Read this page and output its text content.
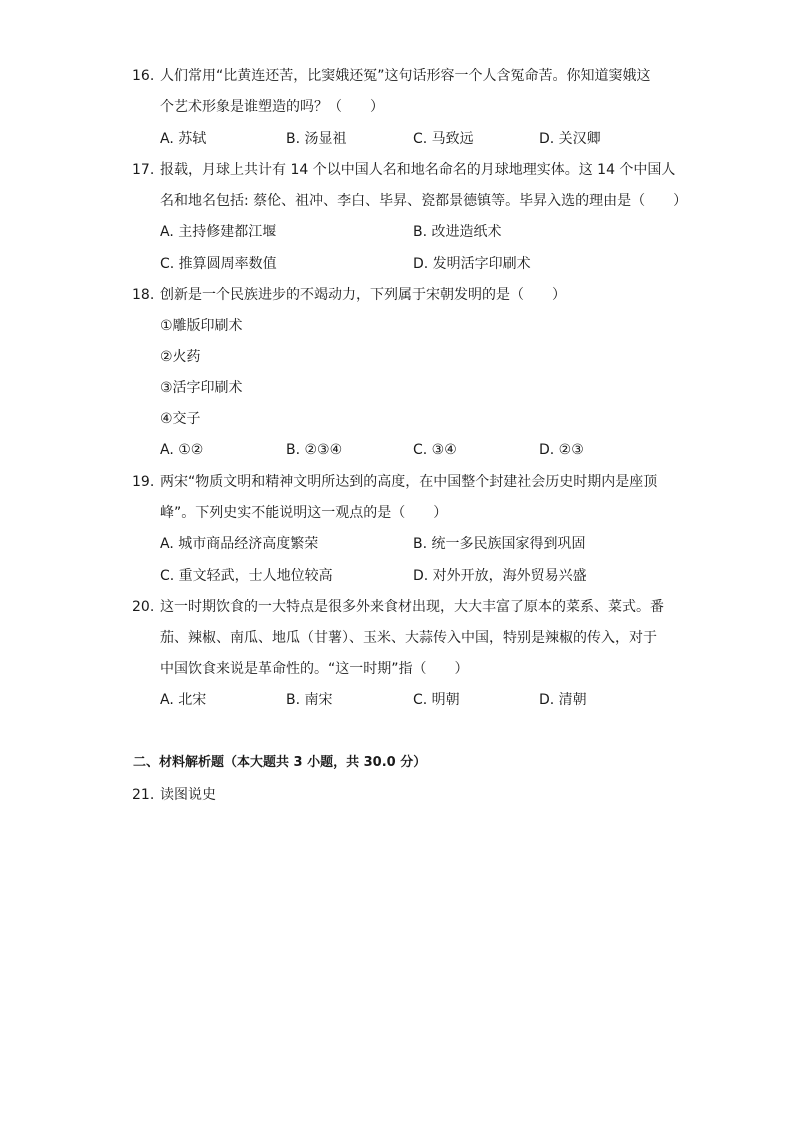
16. 人们常用“比黄连还苦，比窦娥还冤”这句话形容一个人含冤命苦。你知道窦娥这
个艺术形象是谁塑造的吗？（　　）
A. 苏轼	B. 汤显祖	C. 马致远	D. 关汉卿
17. 报载，月球上共计有 14 个以中国人名和地名命名的月球地理实体。这 14 个中国人
名和地名包括: 蔡伦、祖冲、李白、毕昇、瓷都景德镇等。毕昇入选的理由是（　　）
A. 主持修建都江堰	B. 改进造纸术
C. 推算圆周率数值	D. 发明活字印刷术
18. 创新是一个民族进步的不竭动力，下列属于宋朝发明的是（　　）
①雕版印刷术
②火药
③活字印刷术
④交子
A. ①②	B. ②③④	C. ③④	D. ②③
19. 两宋“物质文明和精神文明所达到的高度，在中国整个封建社会历史时期内是座顶
峰”。下列史实不能说明这一观点的是（　　）
A. 城市商品经济高度繁荣	B. 统一多民族国家得到巩固
C. 重文轻武，士人地位较高	D. 对外开放，海外贸易兴盛
20. 这一时期饮食的一大特点是很多外来食材出现，大大丰富了原本的菜系、菜式。番
茄、辣椒、南瓜、地瓜（甘薯）、玉米、大蒜传入中国，特别是辣椒的传入，对于
中国饮食来说是革命性的。“这一时期”指（　　）
A. 北宋	B. 南宋	C. 明朝	D. 清朝
二、材料解析题（本大题共 3 小题，共 30.0 分）
21. 读图说史
